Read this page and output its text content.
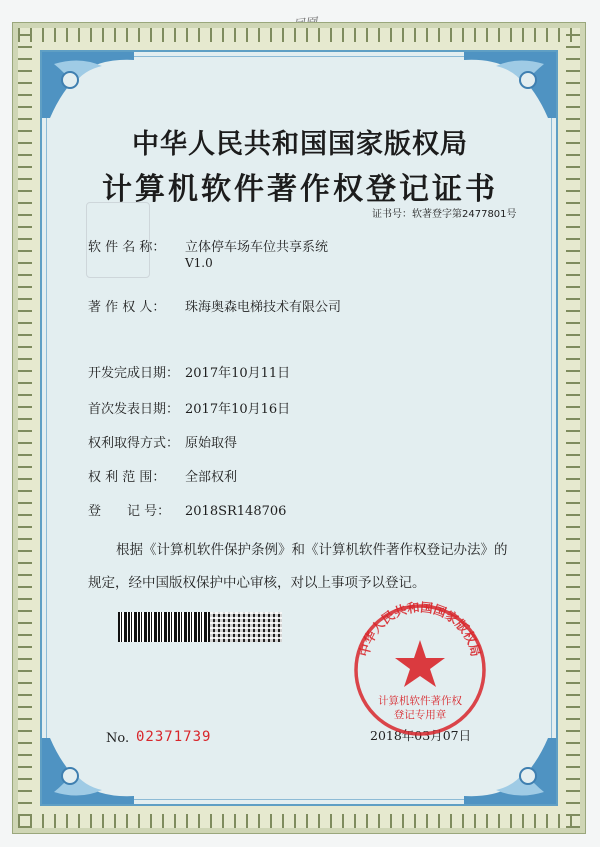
中华人民共和国国家版权局
计算机软件著作权登记证书
证书号：软著登字第2477801号
软 件 名 称： 立体停车场车位共享系统
V1.0
著 作 权 人： 珠海奥森电梯技术有限公司
开发完成日期： 2017年10月11日
首次发表日期： 2017年10月16日
权利取得方式： 原始取得
权 利 范 围： 全部权利
登　　记 号： 2018SR148706
根据《计算机软件保护条例》和《计算机软件著作权登记办法》的
规定，经中国版权保护中心审核，对以上事项予以登记。
No. 02371739	2018年03月07日
中华人民共和国国家版权局
计算机软件著作权
登记专用章
